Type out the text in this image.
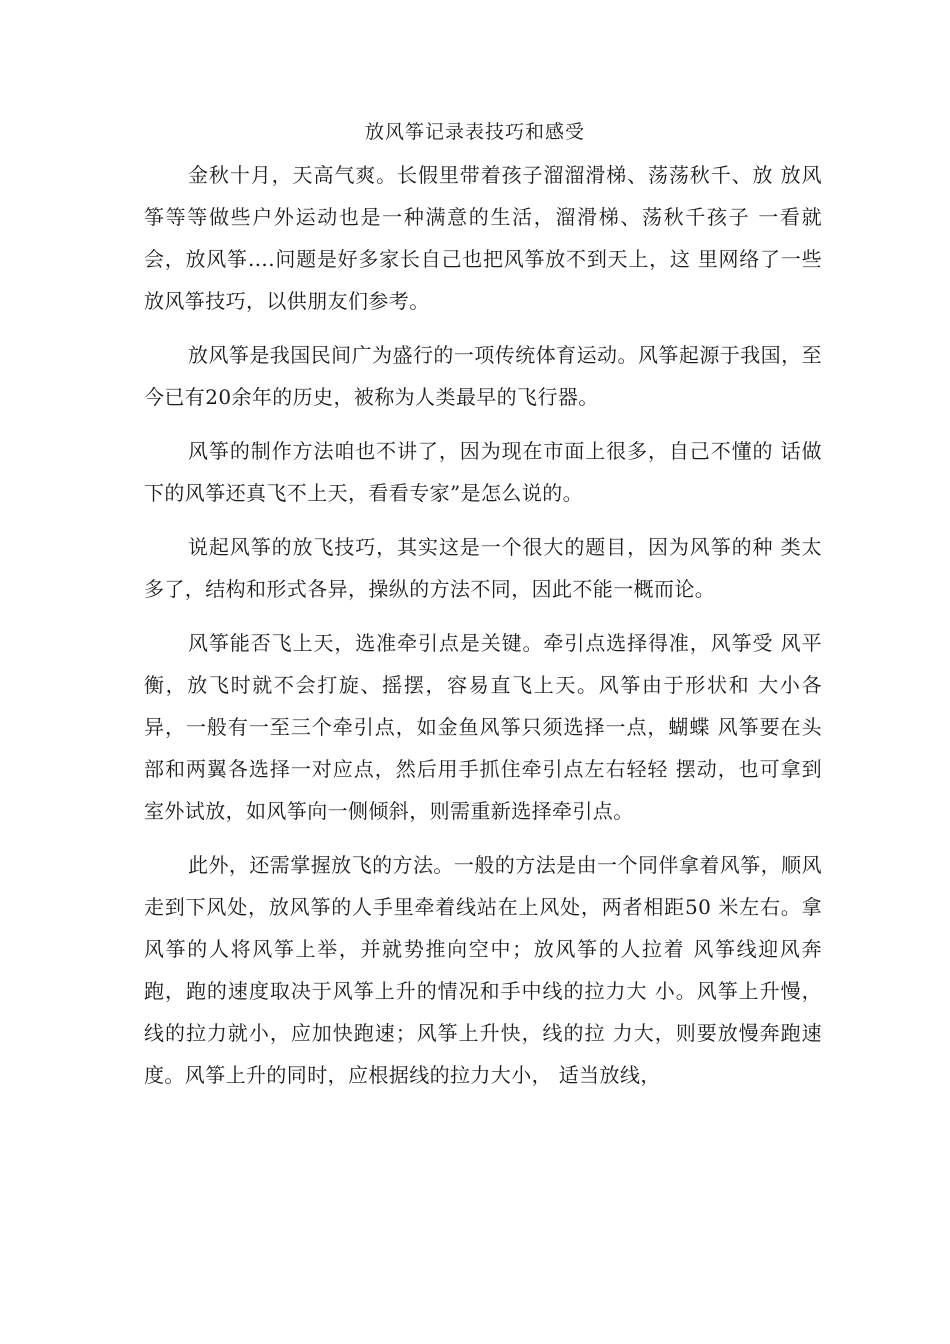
放风筝记录表技巧和感受

金秋十月，天高气爽。长假里带着孩子溜溜滑梯、荡荡秋千、放 放风筝等等做些户外运动也是一种满意的生活，溜滑梯、荡秋千孩子 一看就会，放风筝….问题是好多家长自己也把风筝放不到天上，这 里网络了一些放风筝技巧，以供朋友们参考。

放风筝是我国民间广为盛行的一项传统体育运动。风筝起源于我国，至今已有20余年的历史，被称为人类最早的飞行器。

风筝的制作方法咱也不讲了，因为现在市面上很多，自己不懂的 话做下的风筝还真飞不上天，看看专家”是怎么说的。

说起风筝的放飞技巧，其实这是一个很大的题目，因为风筝的种 类太多了，结构和形式各异，操纵的方法不同，因此不能一概而论。

风筝能否飞上天，选准牵引点是关键。牵引点选择得准，风筝受 风平衡，放飞时就不会打旋、摇摆，容易直飞上天。风筝由于形状和 大小各异，一般有一至三个牵引点，如金鱼风筝只须选择一点，蝴蝶 风筝要在头部和两翼各选择一对应点，然后用手抓住牵引点左右轻轻 摆动，也可拿到室外试放，如风筝向一侧倾斜，则需重新选择牵引点。

此外，还需掌握放飞的方法。一般的方法是由一个同伴拿着风筝，顺风走到下风处，放风筝的人手里牵着线站在上风处，两者相距50 米左右。拿风筝的人将风筝上举，并就势推向空中；放风筝的人拉着 风筝线迎风奔跑，跑的速度取决于风筝上升的情况和手中线的拉力大 小。风筝上升慢，线的拉力就小，应加快跑速；风筝上升快，线的拉 力大，则要放慢奔跑速度。风筝上升的同时，应根据线的拉力大小， 适当放线，
